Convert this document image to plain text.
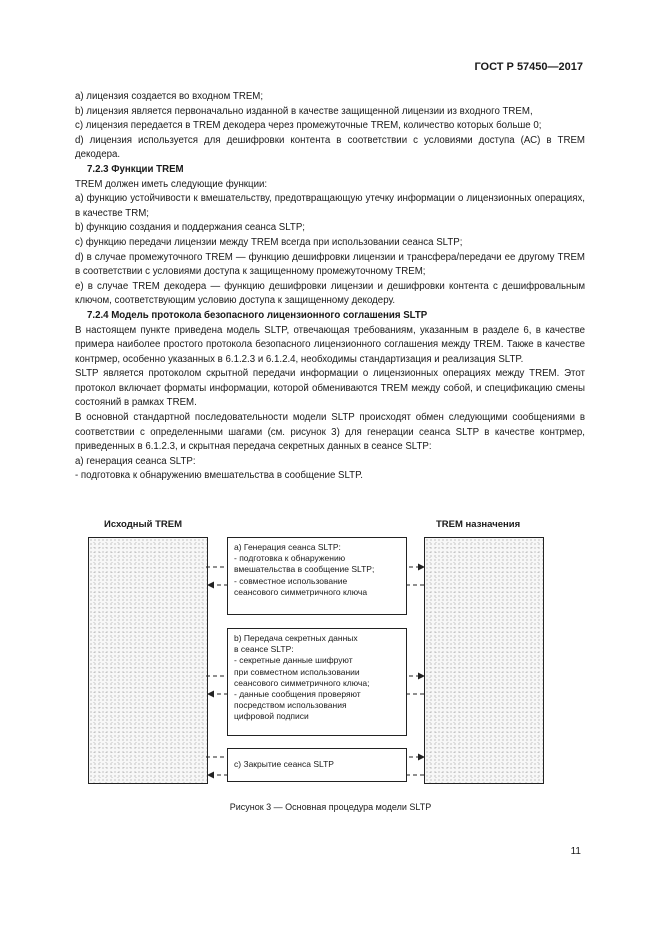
ГОСТ Р 57450—2017

а) лицензия создается во входном TREM;

b) лицензия является первоначально изданной в качестве защищенной лицензии из входного TREM,

с) лицензия передается в TREM декодера через промежуточные TREM, количество которых больше 0;

d) лицензия используется для дешифровки контента в соответствии с условиями доступа (АС) в TREM декодера.

7.2.3 Функции TREM

TREM должен иметь следующие функции:

а) функцию устойчивости к вмешательству, предотвращающую утечку информации о лицензионных операциях, в качестве TRM;

b) функцию создания и поддержания сеанса SLTP;

с) функцию передачи лицензии между TREM всегда при использовании сеанса SLTP;

d) в случае промежуточного TREM — функцию дешифровки лицензии и трансфера/передачи ее другому TREM в соответствии с условиями доступа к защищенному промежуточному TREM;

е) в случае TREM декодера — функцию дешифровки лицензии и дешифровки контента с дешифровальным ключом, соответствующим условию доступа к защищенному декодеру.

7.2.4 Модель протокола безопасного лицензионного соглашения SLTP

В настоящем пункте приведена модель SLTP, отвечающая требованиям, указанным в разделе 6, в качестве примера наиболее простого протокола безопасного лицензионного соглашения между TREM. Также в качестве контрмер, особенно указанных в 6.1.2.3 и 6.1.2.4, необходимы стандартизация и реализация SLTP.

SLTP является протоколом скрытной передачи информации о лицензионных операциях между TREM. Этот протокол включает форматы информации, которой обмениваются TREM между собой, и спецификацию смены состояний в рамках TREM.

В основной стандартной последовательности модели SLTP происходят обмен следующими сообщениями в соответствии с определенными шагами (см. рисунок 3) для генерации сеанса SLTP в качестве контрмер, приведенных в 6.1.2.3, и скрытная передача секретных данных в сеансе SLTP:

а) генерация сеанса SLTP:

- подготовка к обнаружению вмешательства в сообщение SLTP.

Исходный TREM	TREM назначения
а) Генерация сеанса SLTP:
- подготовка к обнаружению
вмешательства в сообщение SLTP;
- совместное использование
сеансового симметричного ключа
b) Передача секретных данных
в сеансе SLTP:
- секретные данные шифруют
при совместном использовании
сеансового симметричного ключа;
- данные сообщения проверяют
посредством использования
цифровой подписи
c) Закрытие сеанса SLTP
Рисунок 3 — Основная процедура модели SLTP
11
